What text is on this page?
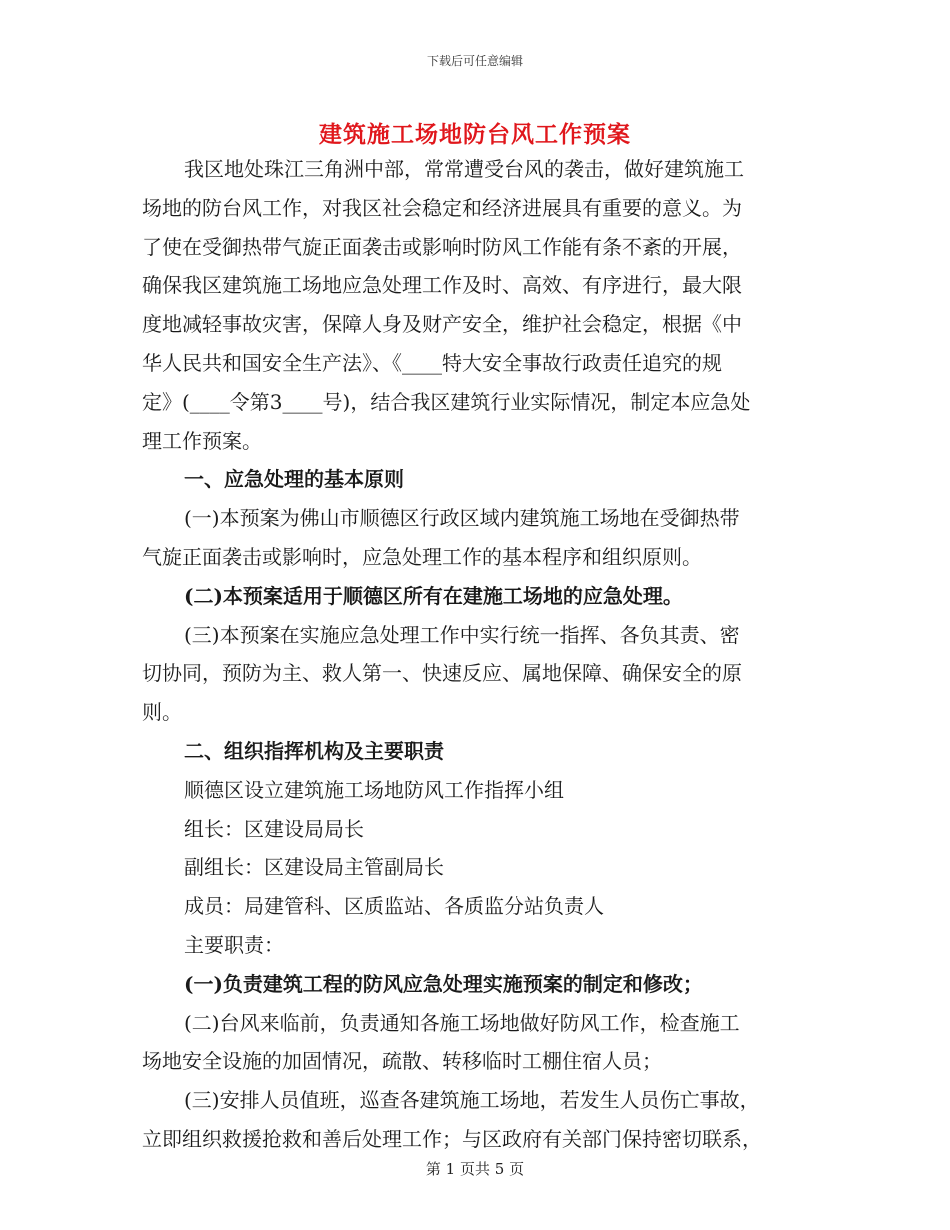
下载后可任意编辑
建筑施工场地防台风工作预案
我区地处珠江三角洲中部，常常遭受台风的袭击，做好建筑施工
场地的防台风工作，对我区社会稳定和经济进展具有重要的意义。为
了使在受御热带气旋正面袭击或影响时防风工作能有条不紊的开展，
确保我区建筑施工场地应急处理工作及时、高效、有序进行，最大限
度地减轻事故灾害，保障人身及财产安全，维护社会稳定，根据《中
华人民共和国安全生产法》、《____特大安全事故行政责任追究的规
定》(____令第3____号)，结合我区建筑行业实际情况，制定本应急处
理工作预案。
一、应急处理的基本原则
(一)本预案为佛山市顺德区行政区域内建筑施工场地在受御热带
气旋正面袭击或影响时，应急处理工作的基本程序和组织原则。
(二)本预案适用于顺德区所有在建施工场地的应急处理。
(三)本预案在实施应急处理工作中实行统一指挥、各负其责、密
切协同，预防为主、救人第一、快速反应、属地保障、确保安全的原
则。
二、组织指挥机构及主要职责
顺德区设立建筑施工场地防风工作指挥小组
组长：区建设局局长
副组长：区建设局主管副局长
成员：局建管科、区质监站、各质监分站负责人
主要职责：
(一)负责建筑工程的防风应急处理实施预案的制定和修改；
(二)台风来临前，负责通知各施工场地做好防风工作，检查施工
场地安全设施的加固情况，疏散、转移临时工棚住宿人员；
(三)安排人员值班，巡查各建筑施工场地，若发生人员伤亡事故，
立即组织救援抢救和善后处理工作；与区政府有关部门保持密切联系，
第 1 页共 5 页
